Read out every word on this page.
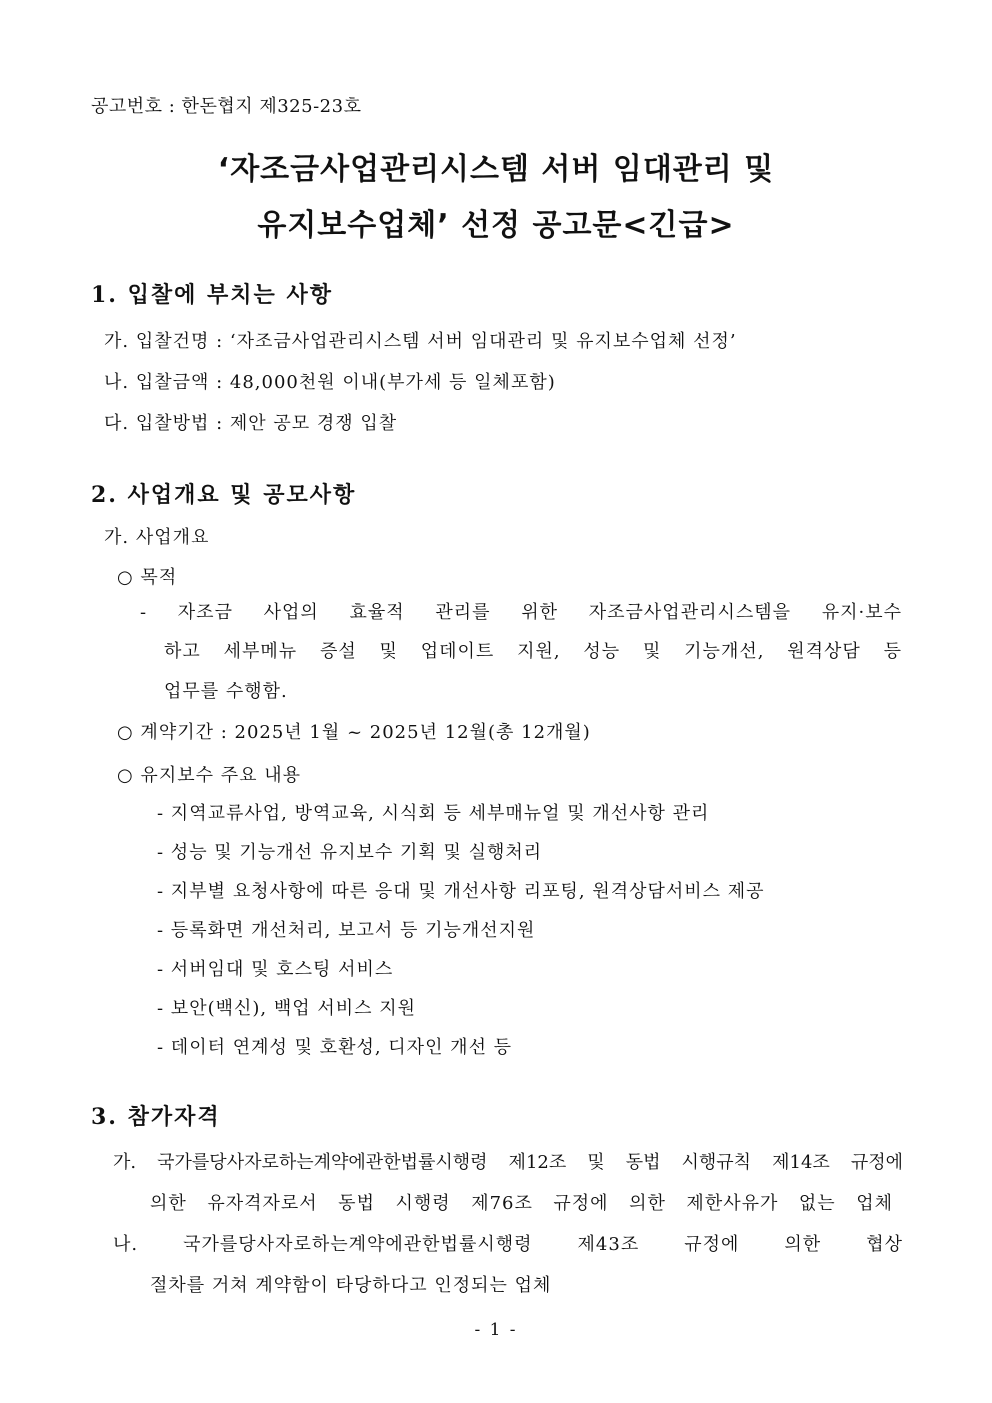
공고번호 : 한돈협지 제325-23호
‘자조금사업관리시스템 서버 임대관리 및
유지보수업체’ 선정 공고문<긴급>
1. 입찰에 부치는 사항
가. 입찰건명 : ‘자조금사업관리시스템 서버 임대관리 및 유지보수업체 선정’
나. 입찰금액 : 48,000천원 이내(부가세 등 일체포함)
다. 입찰방법 : 제안 공모 경쟁 입찰
2. 사업개요 및 공모사항
가. 사업개요
○ 목적
- 자조금 사업의 효율적 관리를 위한 자조금사업관리시스템을 유지·보수
하고 세부메뉴 증설 및 업데이트 지원, 성능 및 기능개선, 원격상담 등
업무를 수행함.
○ 계약기간 : 2025년 1월 ~ 2025년 12월(총 12개월)
○ 유지보수 주요 내용
- 지역교류사업, 방역교육, 시식회 등 세부매뉴얼 및 개선사항 관리
- 성능 및 기능개선 유지보수 기획 및 실행처리
- 지부별 요청사항에 따른 응대 및 개선사항 리포팅, 원격상담서비스 제공
- 등록화면 개선처리, 보고서 등 기능개선지원
- 서버임대 및 호스팅 서비스
- 보안(백신), 백업 서비스 지원
- 데이터 연계성 및 호환성, 디자인 개선 등
3. 참가자격
가. 국가를당사자로하는계약에관한법률시행령 제12조 및 동법 시행규칙 제14조 규정에
의한 유자격자로서 동법 시행령 제76조 규정에 의한 제한사유가 없는 업체
나. 국가를당사자로하는계약에관한법률시행령 제43조 규정에 의한 협상
절차를 거쳐 계약함이 타당하다고 인정되는 업체
- 1 -
